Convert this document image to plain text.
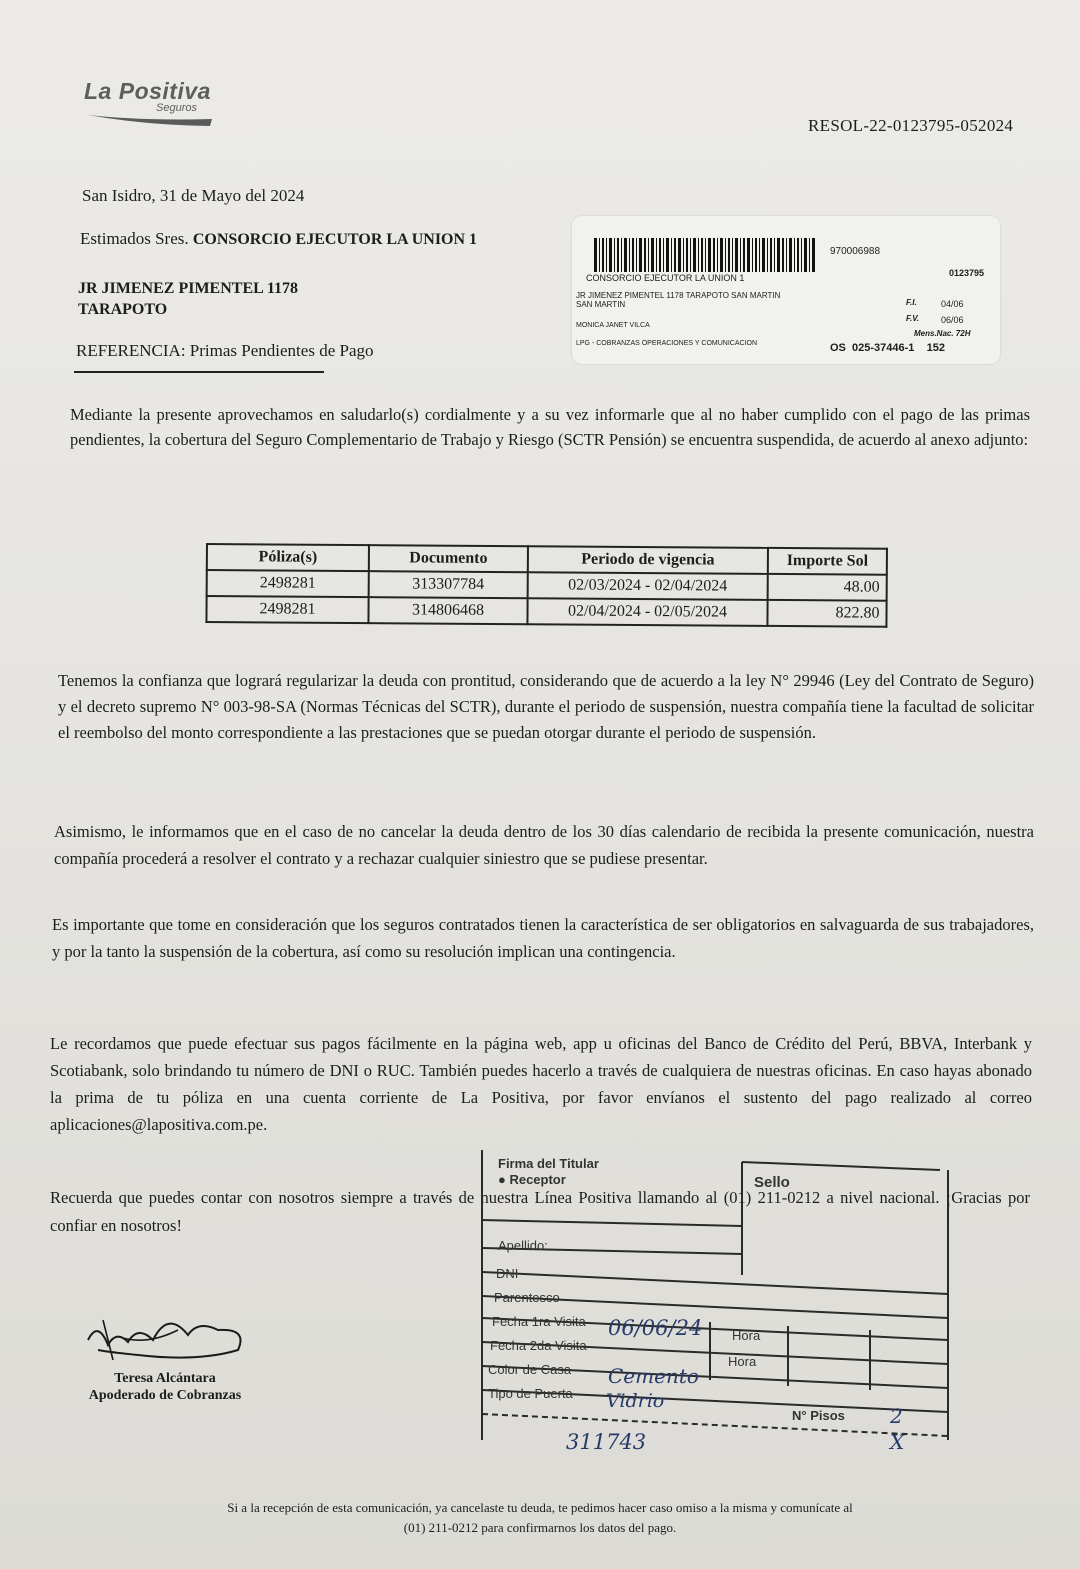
La Positiva
Seguros
RESOL-22-0123795-052024
San Isidro, 31 de Mayo del 2024
Estimados Sres. CONSORCIO EJECUTOR LA UNION 1
JR JIMENEZ PIMENTEL 1178
TARAPOTO
REFERENCIA: Primas Pendientes de Pago
970006988
0123795
CONSORCIO EJECUTOR LA UNION 1
JR JIMENEZ PIMENTEL 1178 TARAPOTO SAN MARTIN
SAN MARTIN	F.I.	04/06
F.V. 06/06
Mens.Nac. 72H
MONICA JANET VILCA
LPG - COBRANZAS OPERACIONES Y COMUNICACION	OS 025-37446-1 152
Mediante la presente aprovechamos en saludarlo(s) cordialmente y a su vez informarle que al no haber cumplido con el pago de las primas pendientes, la cobertura del Seguro Complementario de Trabajo y Riesgo (SCTR Pensión) se encuentra suspendida, de acuerdo al anexo adjunto:
Póliza(s)	Documento	Periodo de vigencia	Importe Sol
2498281	313307784	02/03/2024 - 02/04/2024	48.00
2498281	314806468	02/04/2024 - 02/05/2024	822.80
Tenemos la confianza que logrará regularizar la deuda con prontitud, considerando que de acuerdo a la ley N° 29946 (Ley del Contrato de Seguro) y el decreto supremo N° 003-98-SA (Normas Técnicas del SCTR), durante el periodo de suspensión, nuestra compañía tiene la facultad de solicitar el reembolso del monto correspondiente a las prestaciones que se puedan otorgar durante el periodo de suspensión.
Asimismo, le informamos que en el caso de no cancelar la deuda dentro de los 30 días calendario de recibida la presente comunicación, nuestra compañía procederá a resolver el contrato y a rechazar cualquier siniestro que se pudiese presentar.
Es importante que tome en consideración que los seguros contratados tienen la característica de ser obligatorios en salvaguarda de sus trabajadores, y por la tanto la suspensión de la cobertura, así como su resolución implican una contingencia.
Le recordamos que puede efectuar sus pagos fácilmente en la página web, app u oficinas del Banco de Crédito del Perú, BBVA, Interbank y Scotiabank, solo brindando tu número de DNI o RUC. También puedes hacerlo a través de cualquiera de nuestras oficinas. En caso hayas abonado la prima de tu póliza en una cuenta corriente de La Positiva, por favor envíanos el sustento del pago realizado al correo aplicaciones@lapositiva.com.pe.
Recuerda que puedes contar con nosotros siempre a través de nuestra Línea Positiva llamando al (01) 211-0212 a nivel nacional. ¡Gracias por confiar en nosotros!
Teresa Alcántara
Apoderado de Cobranzas
Firma del Titular
● Receptor	Sello
Apellido:
DNI
Parentesco
Fecha 1ra Visita 06/06/24 Hora
Fecha 2da Visita
Hora
Color de Casa Cemento
Tipo de Puerta Vidrio
N° Pisos 2
311743	X
Si a la recepción de esta comunicación, ya cancelaste tu deuda, te pedimos hacer caso omiso a la misma y comunícate al
(01) 211-0212 para confirmarnos los datos del pago.
